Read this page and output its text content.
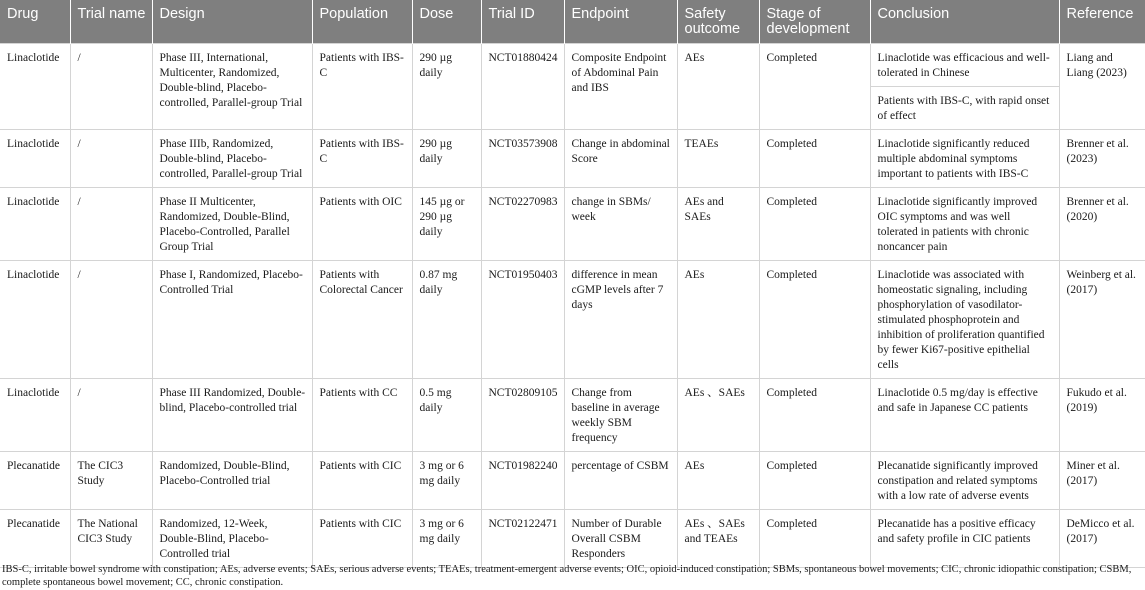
Drug	Trial name	Design	Population	Dose	Trial ID	Endpoint	Safety outcome	Stage of development	Conclusion	Reference
Linaclotide	/	Phase III, International, Multicenter, Randomized, Double-blind, Placebo-controlled, Parallel-group Trial	Patients with IBS-C	290 µg daily	NCT01880424	Composite Endpoint of Abdominal Pain and IBS	AEs	Completed	Linaclotide was efficacious and well-tolerated in Chinese	Liang and Liang (2023)
									Patients with IBS-C, with rapid onset of effect	
Linaclotide	/	Phase IIIb, Randomized, Double-blind, Placebo-controlled, Parallel-group Trial	Patients with IBS-C	290 µg daily	NCT03573908	Change in abdominal Score	TEAEs	Completed	Linaclotide significantly reduced multiple abdominal symptoms important to patients with IBS-C	Brenner et al. (2023)
Linaclotide	/	Phase II Multicenter, Randomized, Double-Blind, Placebo-Controlled, Parallel Group Trial	Patients with OIC	145 µg or 290 µg daily	NCT02270983	change in SBMs/ week	AEs and SAEs	Completed	Linaclotide significantly improved OIC symptoms and was well tolerated in patients with chronic noncancer pain	Brenner et al. (2020)
Linaclotide	/	Phase I, Randomized, Placebo-Controlled Trial	Patients with Colorectal Cancer	0.87 mg daily	NCT01950403	difference in mean cGMP levels after 7 days	AEs	Completed	Linaclotide was associated with homeostatic signaling, including phosphorylation of vasodilator-stimulated phosphoprotein and inhibition of proliferation quantified by fewer Ki67-positive epithelial cells	Weinberg et al. (2017)
Linaclotide	/	Phase III Randomized, Double-blind, Placebo-controlled trial	Patients with CC	0.5 mg daily	NCT02809105	Change from baseline in average weekly SBM frequency	AEs 、SAEs	Completed	Linaclotide 0.5 mg/day is effective and safe in Japanese CC patients	Fukudo et al. (2019)
Plecanatide	The CIC3 Study	Randomized, Double-Blind, Placebo-Controlled trial	Patients with CIC	3 mg or 6 mg daily	NCT01982240	percentage of CSBM	AEs	Completed	Plecanatide significantly improved constipation and related symptoms with a low rate of adverse events	Miner et al. (2017)
Plecanatide	The National CIC3 Study	Randomized, 12-Week, Double-Blind, Placebo-Controlled trial	Patients with CIC	3 mg or 6 mg daily	NCT02122471	Number of Durable Overall CSBM Responders	AEs 、SAEs and TEAEs	Completed	Plecanatide has a positive efficacy and safety profile in CIC patients	DeMicco et al. (2017)
IBS-C, irritable bowel syndrome with constipation; AEs, adverse events; SAEs, serious adverse events; TEAEs, treatment-emergent adverse events; OIC, opioid-induced constipation; SBMs, spontaneous bowel movements; CIC, chronic idiopathic constipation; CSBM, complete spontaneous bowel movement; CC, chronic constipation.
